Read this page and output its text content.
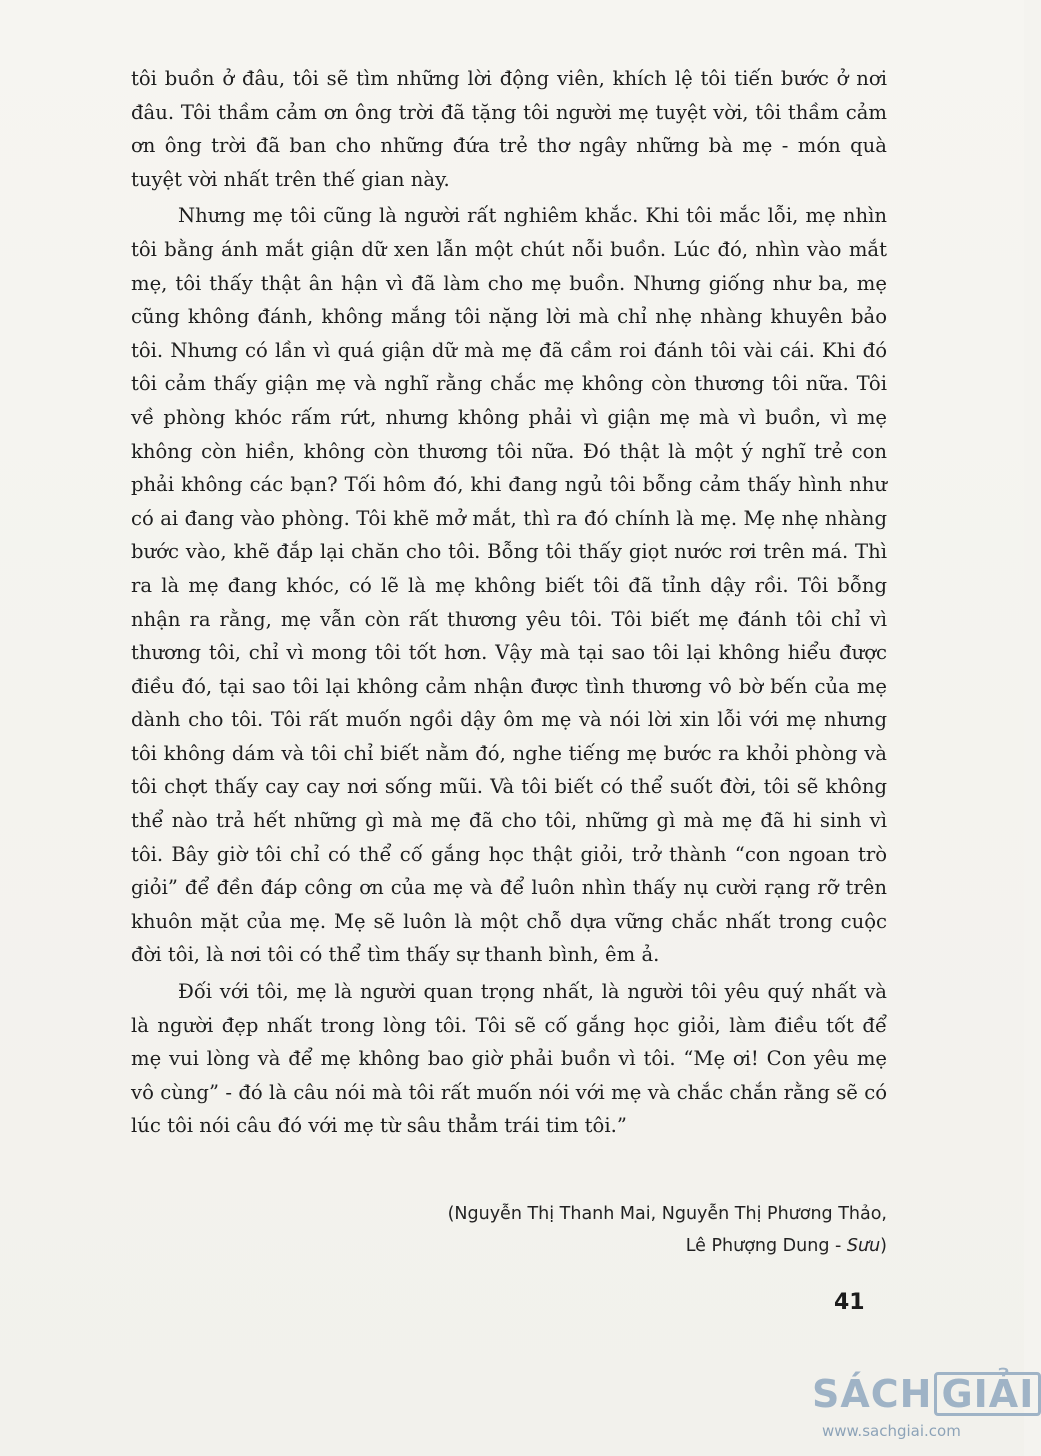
tôi buồn ở đâu, tôi sẽ tìm những lời động viên, khích lệ tôi tiến bước ở nơi đâu. Tôi thầm cảm ơn ông trời đã tặng tôi người mẹ tuyệt vời, tôi thầm cảm ơn ông trời đã ban cho những đứa trẻ thơ ngây những bà mẹ - món quà tuyệt vời nhất trên thế gian này.

Nhưng mẹ tôi cũng là người rất nghiêm khắc. Khi tôi mắc lỗi, mẹ nhìn tôi bằng ánh mắt giận dữ xen lẫn một chút nỗi buồn. Lúc đó, nhìn vào mắt mẹ, tôi thấy thật ân hận vì đã làm cho mẹ buồn. Nhưng giống như ba, mẹ cũng không đánh, không mắng tôi nặng lời mà chỉ nhẹ nhàng khuyên bảo tôi. Nhưng có lần vì quá giận dữ mà mẹ đã cầm roi đánh tôi vài cái. Khi đó tôi cảm thấy giận mẹ và nghĩ rằng chắc mẹ không còn thương tôi nữa. Tôi về phòng khóc rấm rứt, nhưng không phải vì giận mẹ mà vì buồn, vì mẹ không còn hiền, không còn thương tôi nữa. Đó thật là một ý nghĩ trẻ con phải không các bạn? Tối hôm đó, khi đang ngủ tôi bỗng cảm thấy hình như có ai đang vào phòng. Tôi khẽ mở mắt, thì ra đó chính là mẹ. Mẹ nhẹ nhàng bước vào, khẽ đắp lại chăn cho tôi. Bỗng tôi thấy giọt nước rơi trên má. Thì ra là mẹ đang khóc, có lẽ là mẹ không biết tôi đã tỉnh dậy rồi. Tôi bỗng nhận ra rằng, mẹ vẫn còn rất thương yêu tôi. Tôi biết mẹ đánh tôi chỉ vì thương tôi, chỉ vì mong tôi tốt hơn. Vậy mà tại sao tôi lại không hiểu được điều đó, tại sao tôi lại không cảm nhận được tình thương vô bờ bến của mẹ dành cho tôi. Tôi rất muốn ngồi dậy ôm mẹ và nói lời xin lỗi với mẹ nhưng tôi không dám và tôi chỉ biết nằm đó, nghe tiếng mẹ bước ra khỏi phòng và tôi chợt thấy cay cay nơi sống mũi. Và tôi biết có thể suốt đời, tôi sẽ không thể nào trả hết những gì mà mẹ đã cho tôi, những gì mà mẹ đã hi sinh vì tôi. Bây giờ tôi chỉ có thể cố gắng học thật giỏi, trở thành “con ngoan trò giỏi” để đền đáp công ơn của mẹ và để luôn nhìn thấy nụ cười rạng rỡ trên khuôn mặt của mẹ. Mẹ sẽ luôn là một chỗ dựa vững chắc nhất trong cuộc đời tôi, là nơi tôi có thể tìm thấy sự thanh bình, êm ả.

Đối với tôi, mẹ là người quan trọng nhất, là người tôi yêu quý nhất và là người đẹp nhất trong lòng tôi. Tôi sẽ cố gắng học giỏi, làm điều tốt để mẹ vui lòng và để mẹ không bao giờ phải buồn vì tôi. “Mẹ ơi! Con yêu mẹ vô cùng” - đó là câu nói mà tôi rất muốn nói với mẹ và chắc chắn rằng sẽ có lúc tôi nói câu đó với mẹ từ sâu thẳm trái tim tôi.”

(Nguyễn Thị Thanh Mai, Nguyễn Thị Phương Thảo,
Lê Phượng Dung - Sưu)
41
SÁCH GIẢI
www.sachgiai.com
